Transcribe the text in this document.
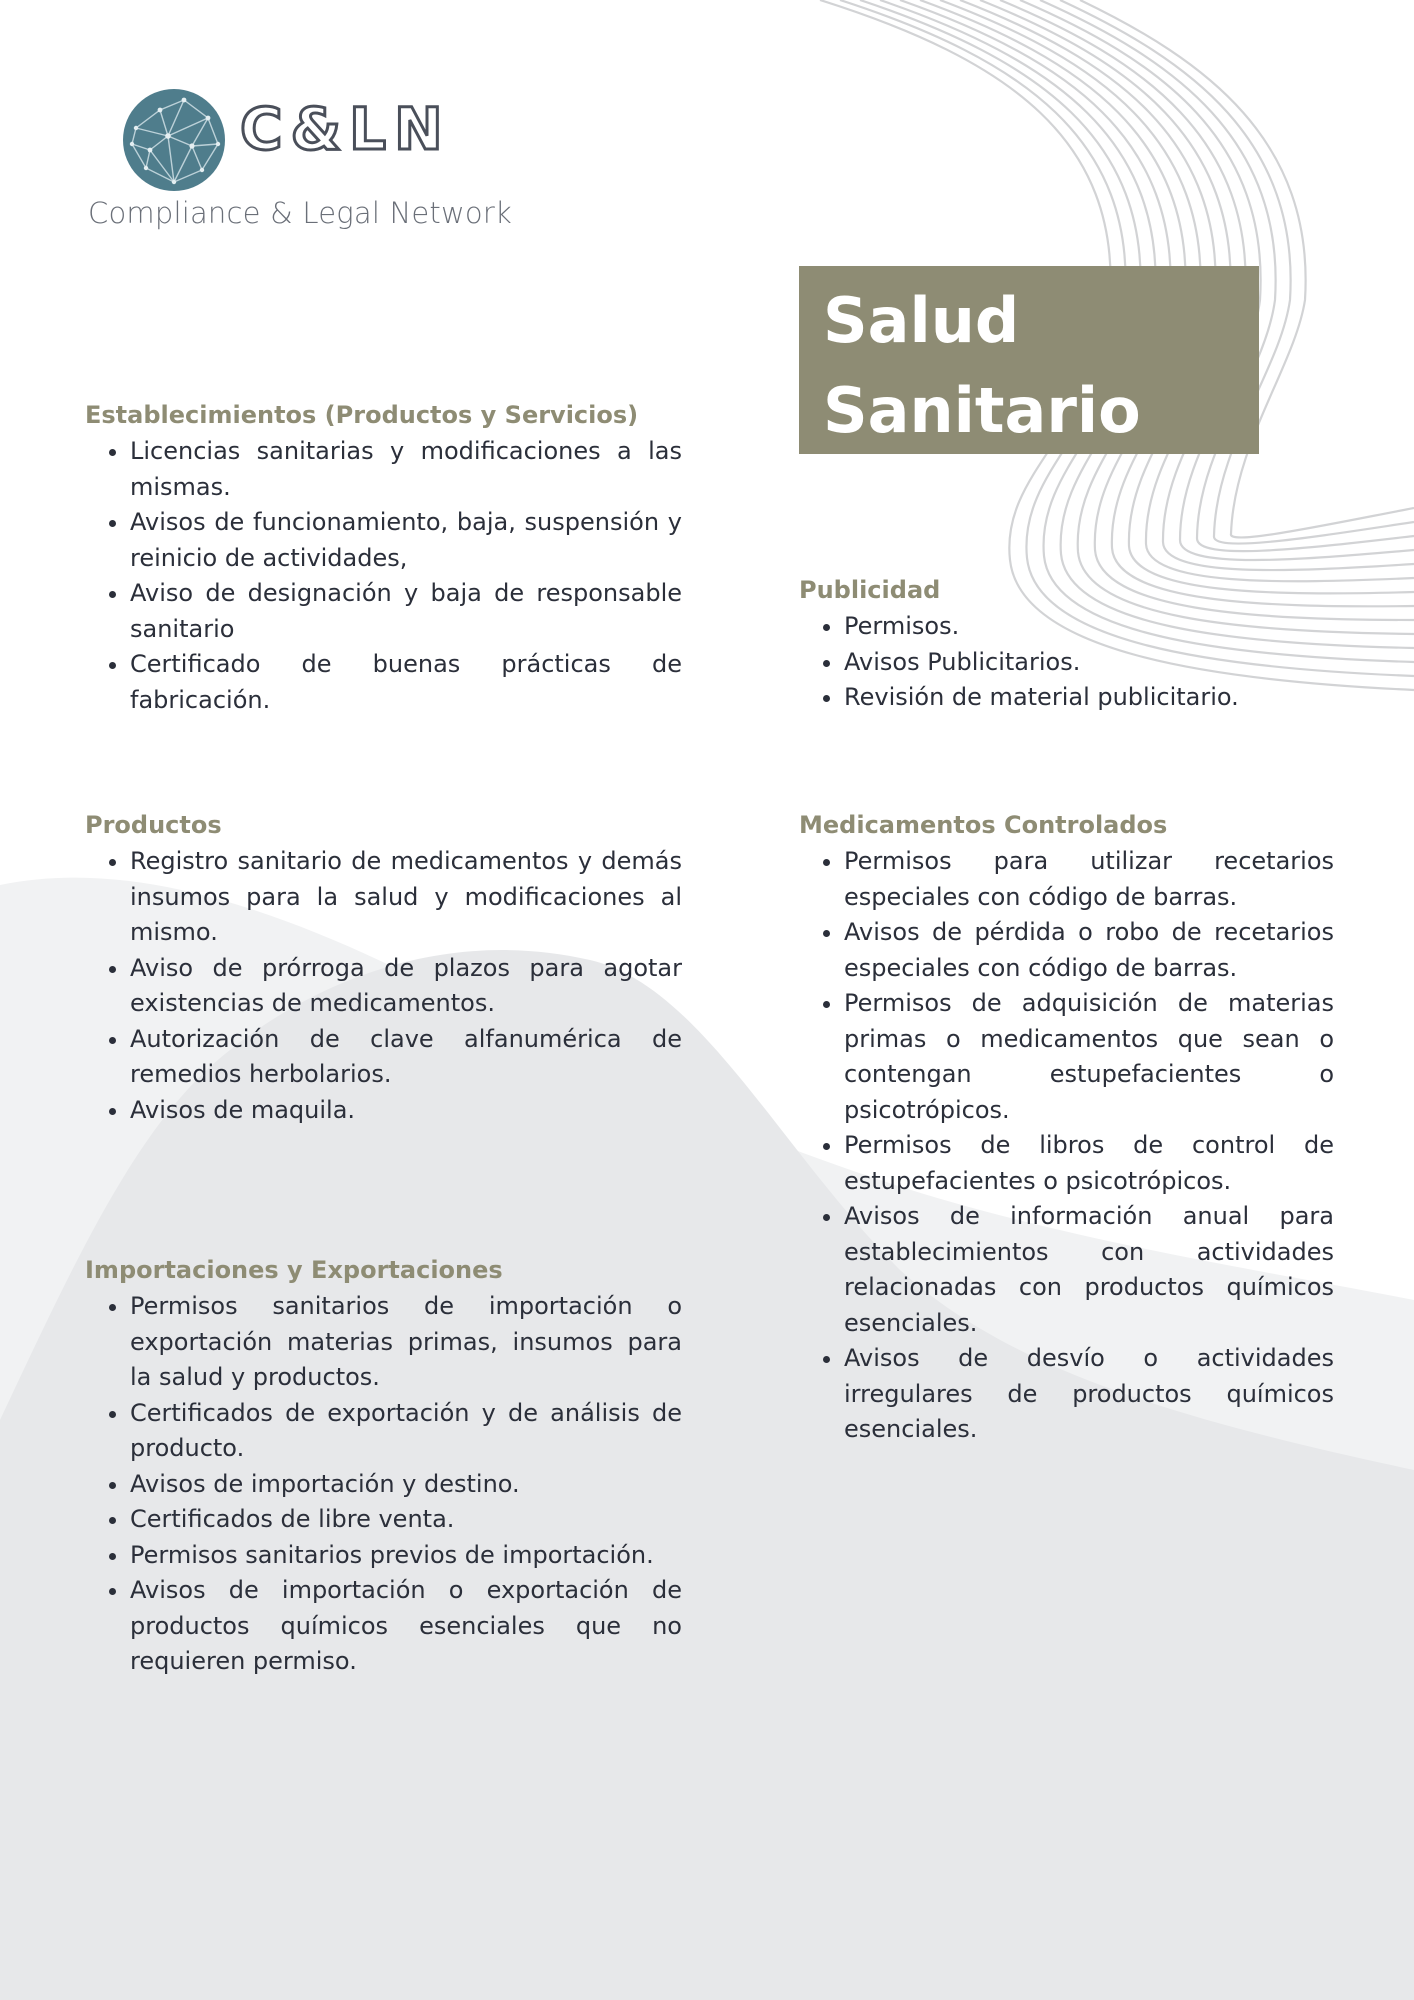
C&LN
Compliance & Legal Network
Salud
Sanitario
Establecimientos (Productos y Servicios)
• Licencias sanitarias y modificaciones a las mismas.
• Avisos de funcionamiento, baja, suspensión y reinicio de actividades,
• Aviso de designación y baja de responsable sanitario
• Certificado de buenas prácticas de fabricación.
Publicidad
• Permisos.
• Avisos Publicitarios.
• Revisión de material publicitario.
Productos
• Registro sanitario de medicamentos y demás insumos para la salud y modificaciones al mismo.
• Aviso de prórroga de plazos para agotar existencias de medicamentos.
• Autorización de clave alfanumérica de remedios herbolarios.
• Avisos de maquila.
Medicamentos Controlados
• Permisos para utilizar recetarios especiales con código de barras.
• Avisos de pérdida o robo de recetarios especiales con código de barras.
• Permisos de adquisición de materias primas o medicamentos que sean o contengan estupefacientes o psicotrópicos.
• Permisos de libros de control de estupefacientes o psicotrópicos.
• Avisos de información anual para establecimientos con actividades relacionadas con productos químicos esenciales.
• Avisos de desvío o actividades irregulares de productos químicos esenciales.
Importaciones y Exportaciones
• Permisos sanitarios de importación o exportación materias primas, insumos para la salud y productos.
• Certificados de exportación y de análisis de producto.
• Avisos de importación y destino.
• Certificados de libre venta.
• Permisos sanitarios previos de importación.
• Avisos de importación o exportación de productos químicos esenciales que no requieren permiso.
